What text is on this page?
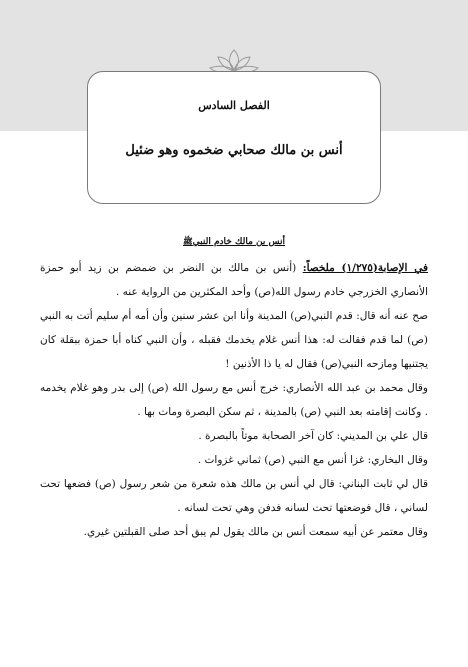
الفصل السادس
أنس بن مالك صحابي ضخموه وهو ضئيل
أنس بن مالك خادم النبيﷺ

في الإصابة(١/٢٧٥) ملخصاً: (أنس بن مالك بن النضر بن ضمضم بن زيد أبو حمزة الأنصاري الخزرجي خادم رسول الله(ص) وأحد المكثرين من الرواية عنه .

صح عنه أنه قال: قدم النبي(ص) المدينة وأنا ابن عشر سنين وأن أمه أم سليم أتت به النبي (ص) لما قدم فقالت له: هذا أنس غلام يخدمك فقبله ، وأن النبي كناه أبا حمزة ببقلة كان يجتنيها ومازحه النبي(ص) فقال له يا ذا الأذنين !

وقال محمد بن عبد الله الأنصاري: خرج أنس مع رسول الله (ص) إلى بدر وهو غلام يخدمه . وكانت إقامته بعد النبي (ص) بالمدينة ، ثم سكن البصرة ومات بها .

قال علي بن المديني: كان آخر الصحابة موتاً بالبصرة .

وقال البخاري: غزا أنس مع النبي (ص) ثماني غزوات .

قال لي ثابت البناني: قال لي أنس بن مالك هذه شعرة من شعر رسول (ص) فضعها تحت لساني ، قال فوضعتها تحت لسانه فدفن وهي تحت لسانه .

وقال معتمر عن أبيه سمعت أنس بن مالك يقول لم يبق أحد صلى القبلتين غيري.
